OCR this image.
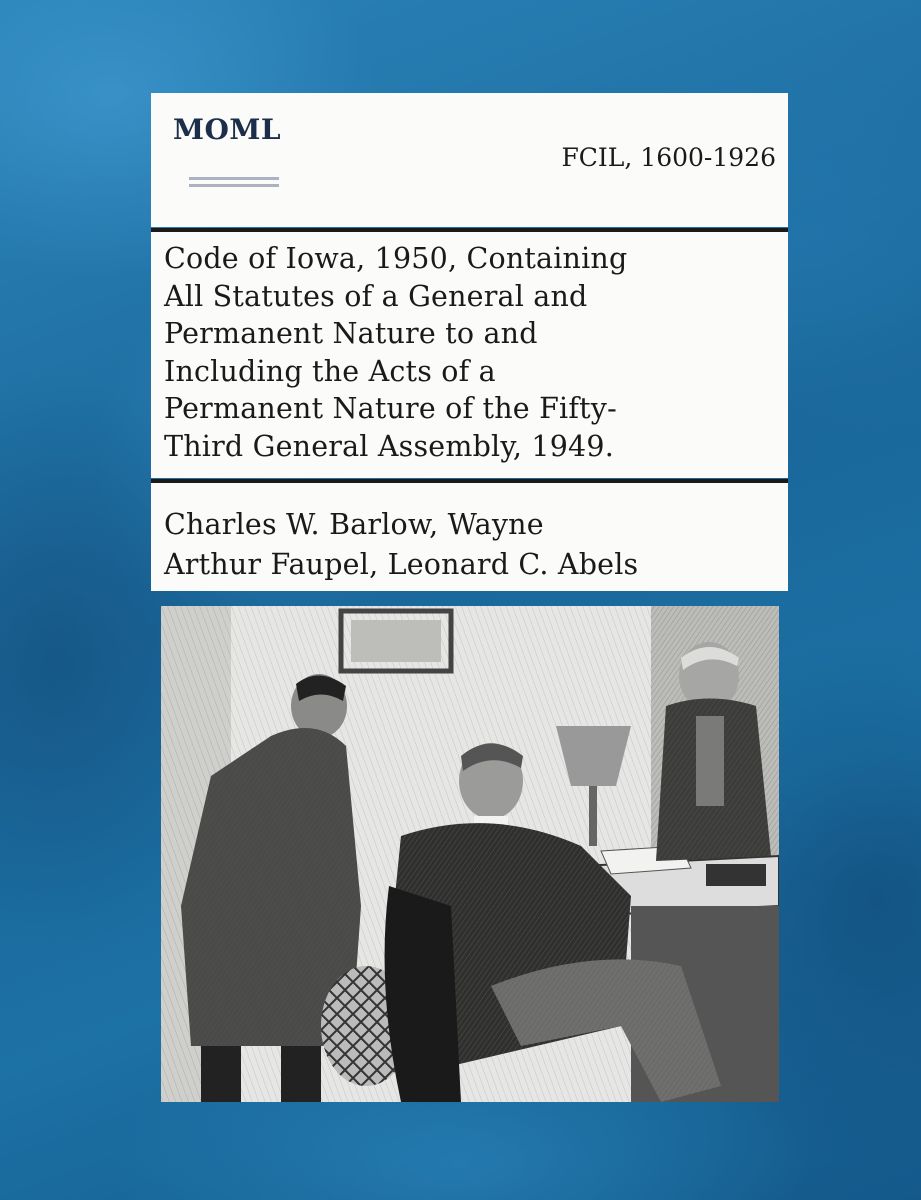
MOML
FCIL, 1600-1926
Code of Iowa, 1950, Containing
All Statutes of a General and
Permanent Nature to and
Including the Acts of a
Permanent Nature of the Fifty-
Third General Assembly, 1949.
Charles W. Barlow, Wayne
Arthur Faupel, Leonard C. Abels
